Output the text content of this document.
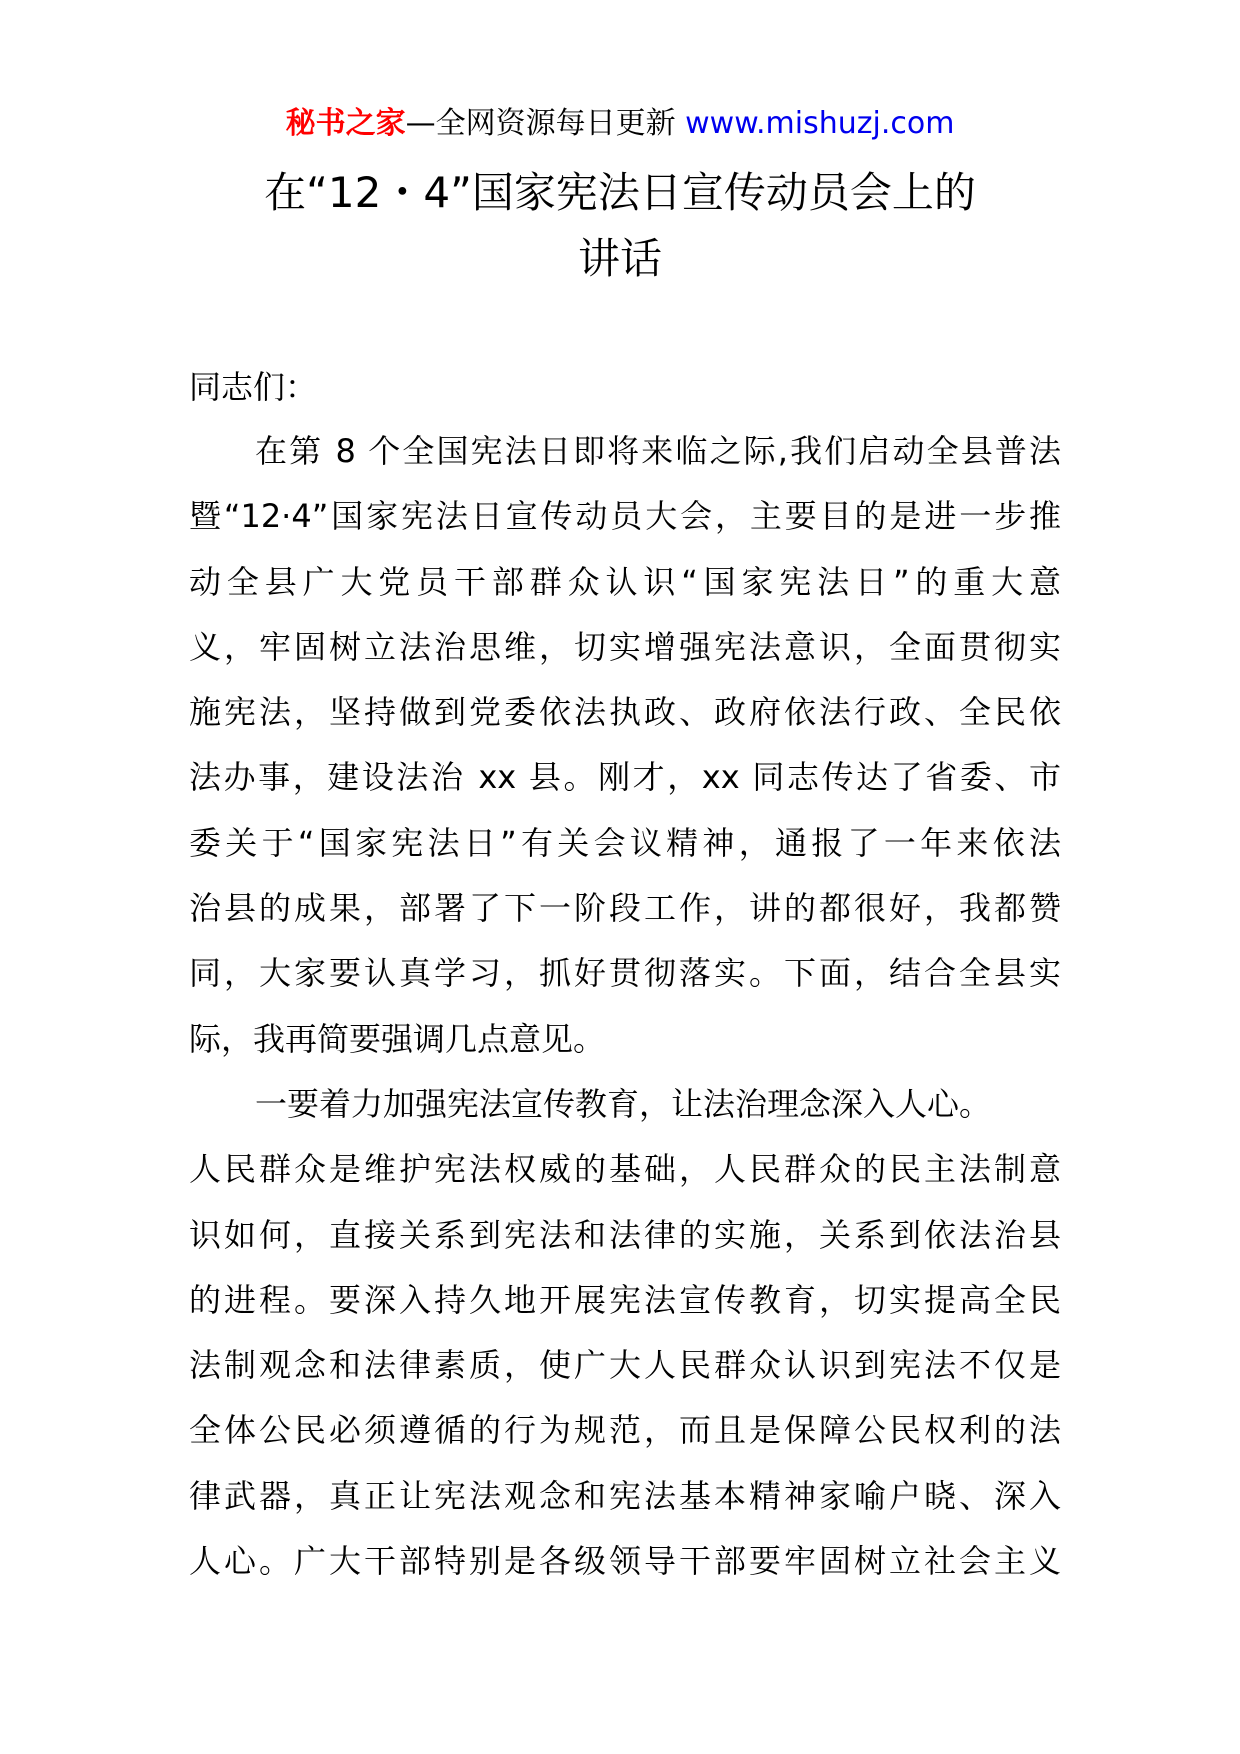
秘书之家—全网资源每日更新 www.mishuzj.com
在“12・4”国家宪法日宣传动员会上的
讲话
同志们：
在第 8 个全国宪法日即将来临之际,我们启动全县普法
暨“12·4”国家宪法日宣传动员大会，主要目的是进一步推
动全县广大党员干部群众认识“国家宪法日”的重大意
义，牢固树立法治思维，切实增强宪法意识，全面贯彻实
施宪法，坚持做到党委依法执政、政府依法行政、全民依
法办事，建设法治 xx 县。刚才，xx 同志传达了省委、市
委关于“国家宪法日”有关会议精神，通报了一年来依法
治县的成果，部署了下一阶段工作，讲的都很好，我都赞
同，大家要认真学习，抓好贯彻落实。下面，结合全县实
际，我再简要强调几点意见。
一要着力加强宪法宣传教育，让法治理念深入人心。
人民群众是维护宪法权威的基础，人民群众的民主法制意
识如何，直接关系到宪法和法律的实施，关系到依法治县
的进程。要深入持久地开展宪法宣传教育，切实提高全民
法制观念和法律素质，使广大人民群众认识到宪法不仅是
全体公民必须遵循的行为规范，而且是保障公民权利的法
律武器，真正让宪法观念和宪法基本精神家喻户晓、深入
人心。广大干部特别是各级领导干部要牢固树立社会主义
